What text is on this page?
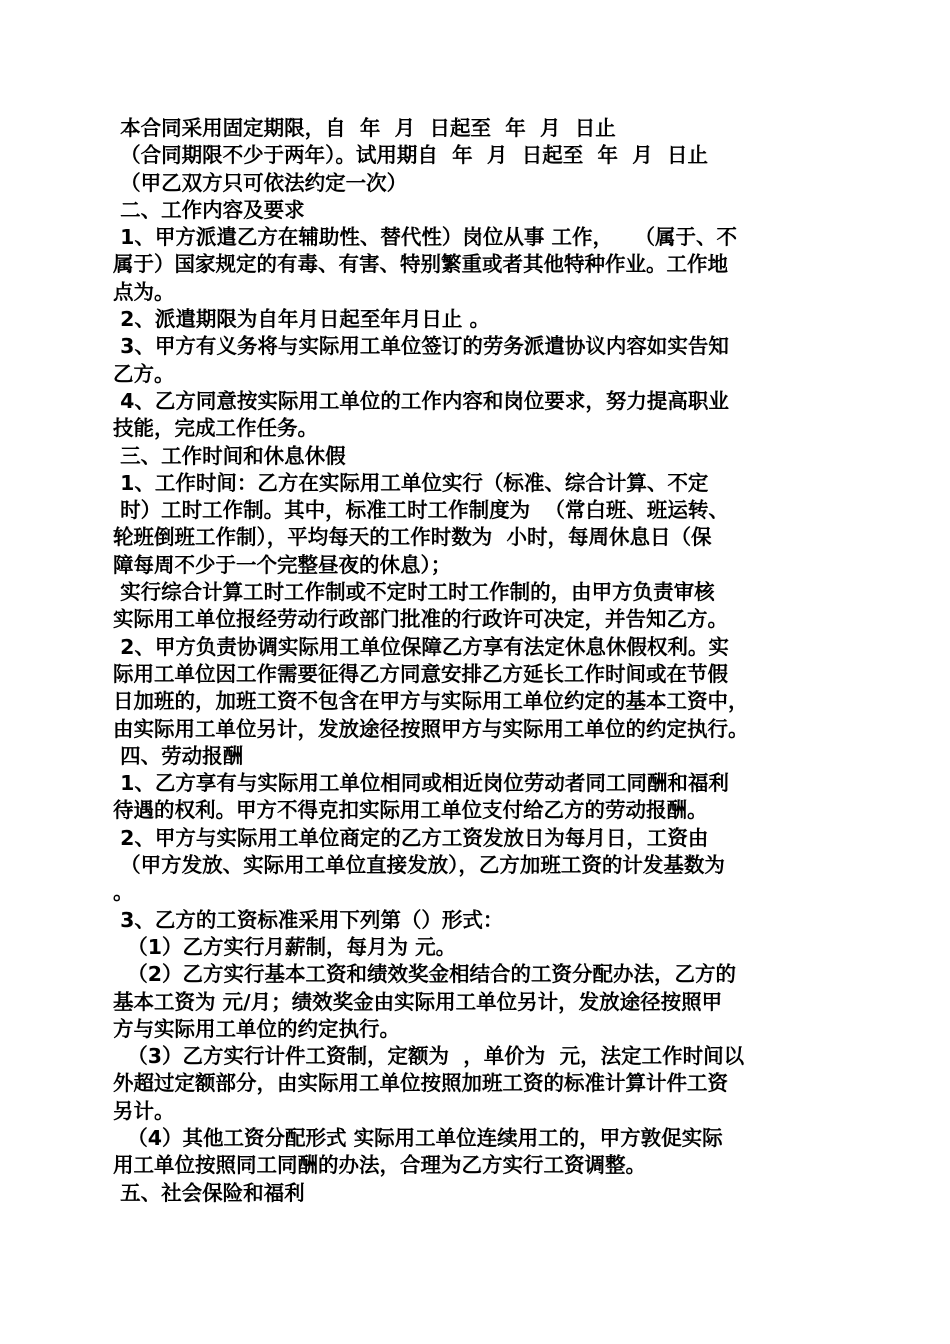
本合同采用固定期限，自  年  月  日起至  年  月  日止
（合同期限不少于两年）。试用期自  年  月  日起至  年  月  日止
（甲乙双方只可依法约定一次）
二、工作内容及要求
1、甲方派遣乙方在辅助性、替代性）岗位从事 工作，   （属于、不
属于）国家规定的有毒、有害、特别繁重或者其他特种作业。工作地
点为。
2、派遣期限为自年月日起至年月日止 。
3、甲方有义务将与实际用工单位签订的劳务派遣协议内容如实告知
乙方。
4、乙方同意按实际用工单位的工作内容和岗位要求，努力提高职业
技能，完成工作任务。
三、工作时间和休息休假
1、工作时间：乙方在实际用工单位实行（标准、综合计算、不定
时）工时工作制。其中，标准工时工作制度为  （常白班、班运转、
轮班倒班工作制），平均每天的工作时数为  小时，每周休息日（保
障每周不少于一个完整昼夜的休息）；
实行综合计算工时工作制或不定时工时工作制的，由甲方负责审核
实际用工单位报经劳动行政部门批准的行政许可决定，并告知乙方。
2、甲方负责协调实际用工单位保障乙方享有法定休息休假权利。实
际用工单位因工作需要征得乙方同意安排乙方延长工作时间或在节假
日加班的，加班工资不包含在甲方与实际用工单位约定的基本工资中，
由实际用工单位另计，发放途径按照甲方与实际用工单位的约定执行。
四、劳动报酬
1、乙方享有与实际用工单位相同或相近岗位劳动者同工同酬和福利
待遇的权利。甲方不得克扣实际用工单位支付给乙方的劳动报酬。
2、甲方与实际用工单位商定的乙方工资发放日为每月日，工资由
（甲方发放、实际用工单位直接发放），乙方加班工资的计发基数为
。
3、乙方的工资标准采用下列第（）形式：
（1）乙方实行月薪制，每月为 元。
（2）乙方实行基本工资和绩效奖金相结合的工资分配办法，乙方的
基本工资为 元/月；绩效奖金由实际用工单位另计，发放途径按照甲
方与实际用工单位的约定执行。
（3）乙方实行计件工资制，定额为  ，单价为  元，法定工作时间以
外超过定额部分，由实际用工单位按照加班工资的标准计算计件工资
另计。
（4）其他工资分配形式 实际用工单位连续用工的，甲方敦促实际
用工单位按照同工同酬的办法，合理为乙方实行工资调整。
五、社会保险和福利
